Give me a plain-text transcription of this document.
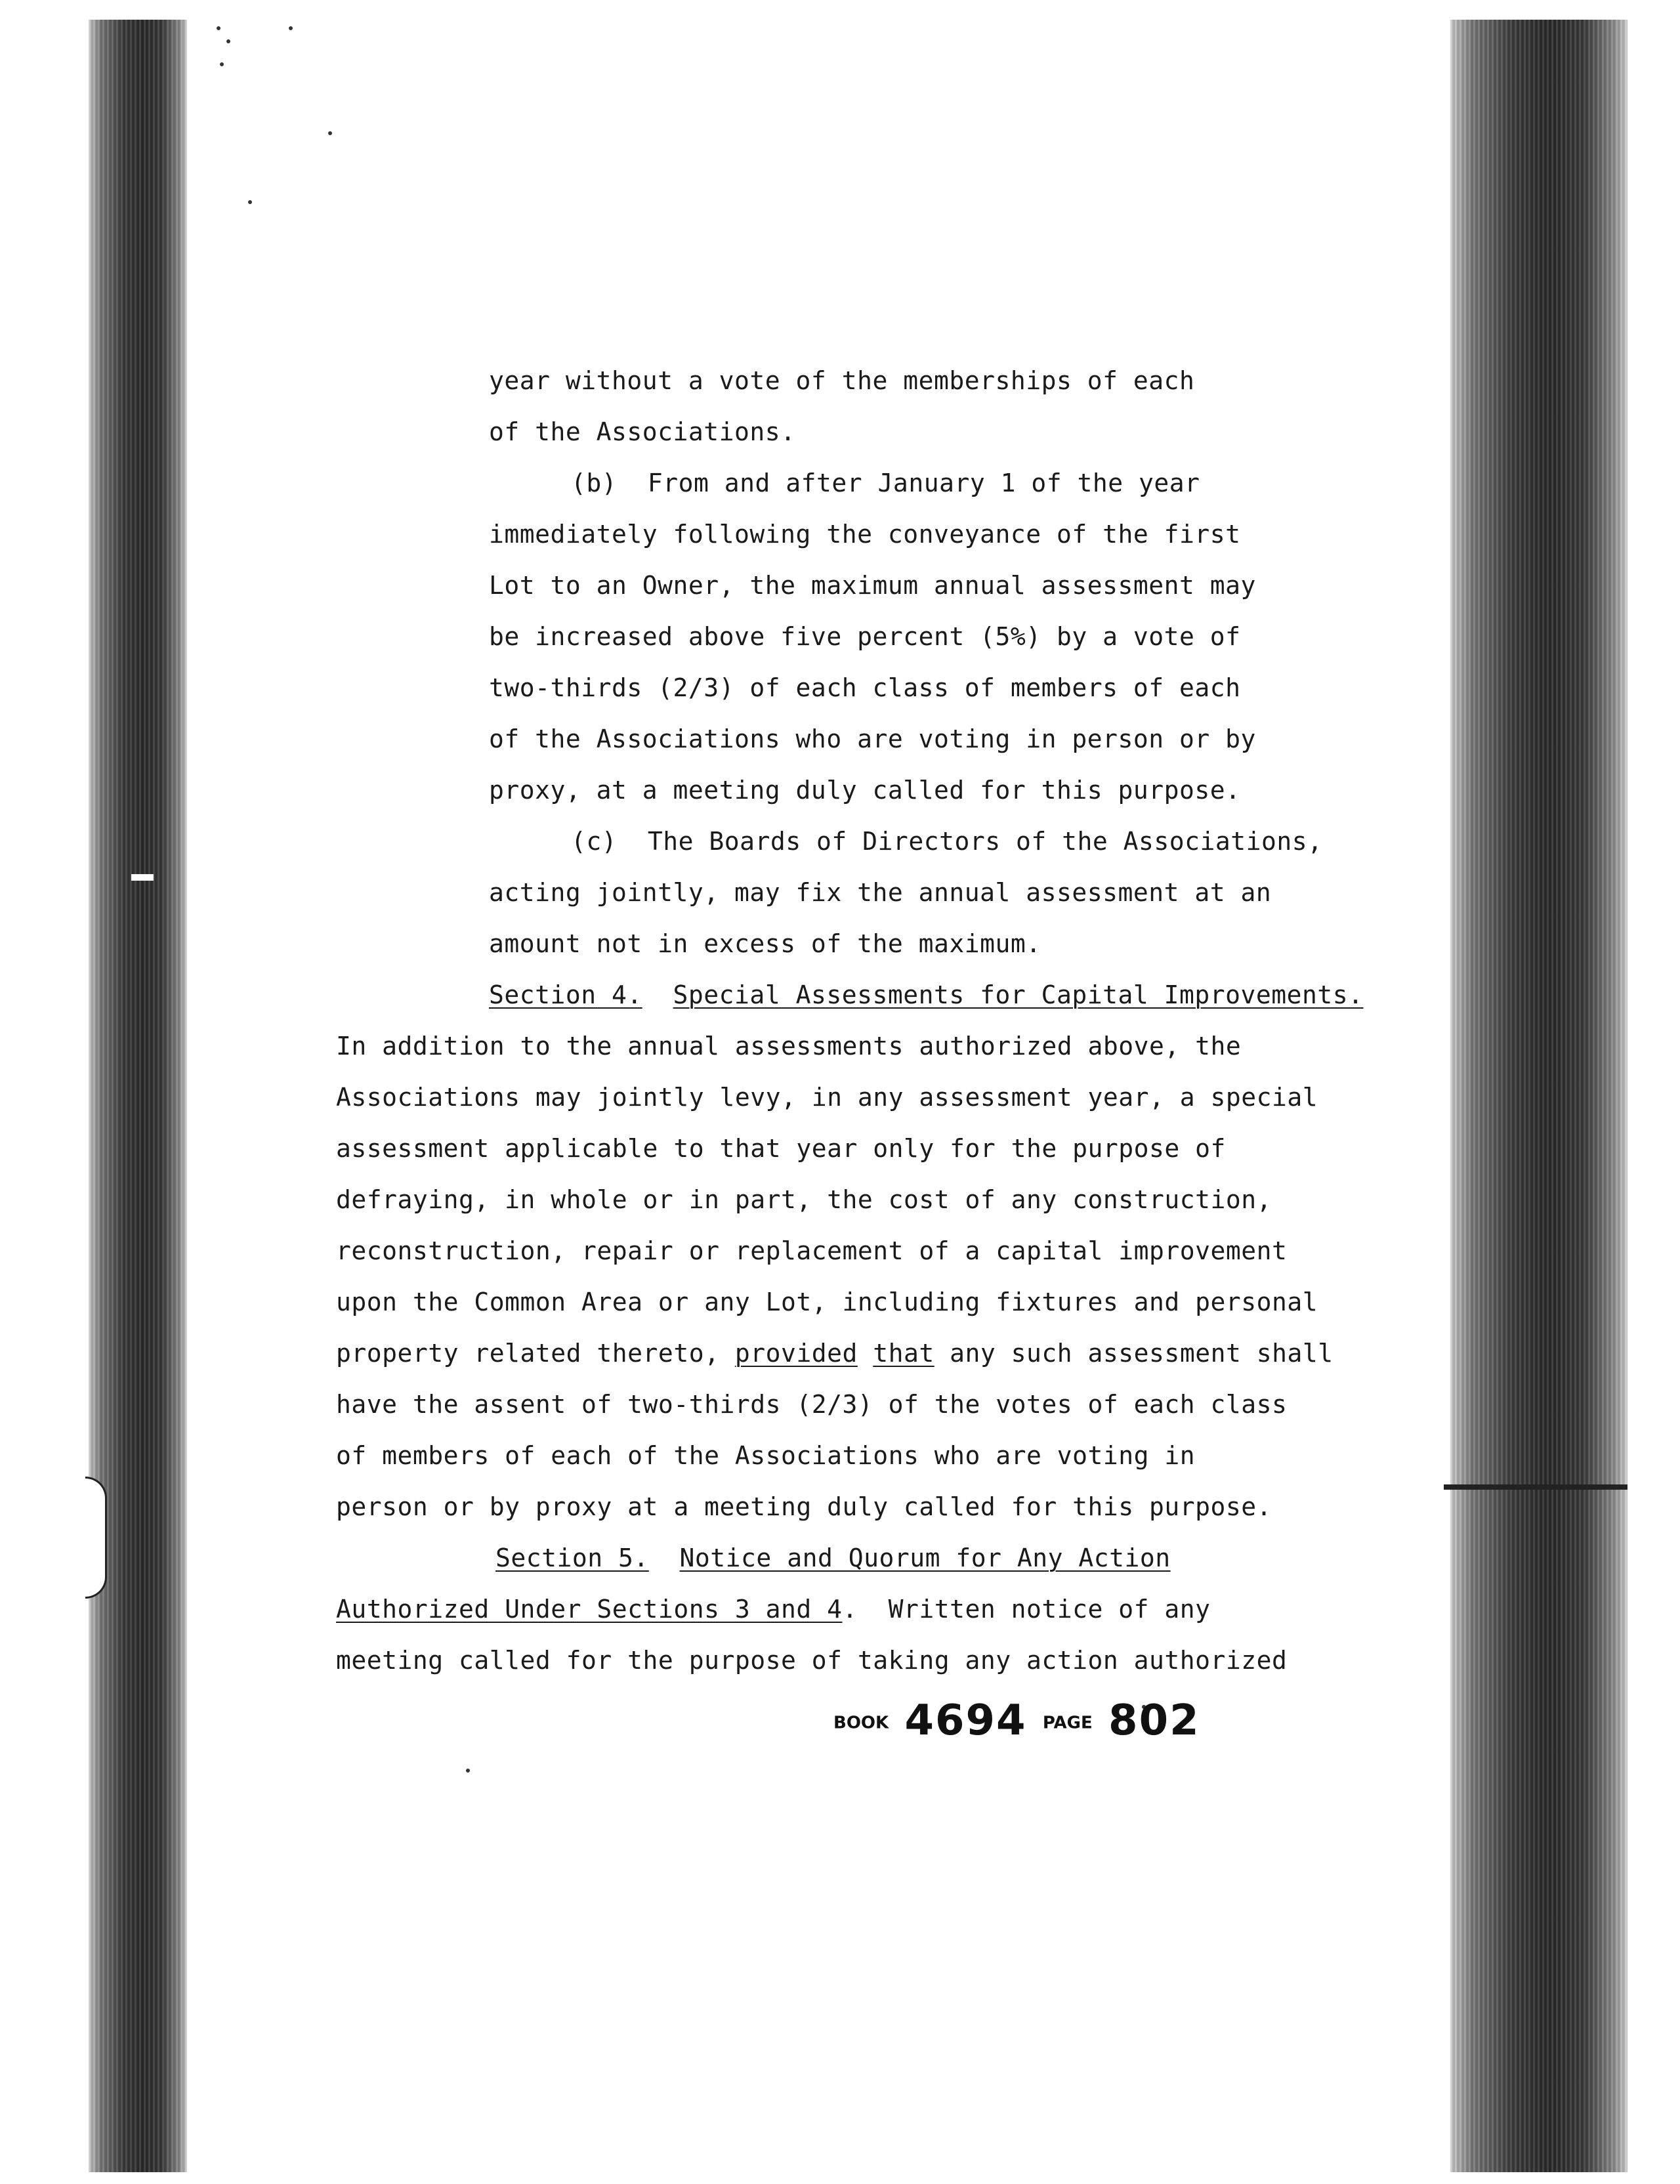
year without a vote of the memberships of each
of the Associations.
(b)  From and after January 1 of the year
immediately following the conveyance of the first
Lot to an Owner, the maximum annual assessment may
be increased above five percent (5%) by a vote of
two-thirds (2/3) of each class of members of each
of the Associations who are voting in person or by
proxy, at a meeting duly called for this purpose.
(c)  The Boards of Directors of the Associations,
acting jointly, may fix the annual assessment at an
amount not in excess of the maximum.
Section 4. Special Assessments for Capital Improvements.
In addition to the annual assessments authorized above, the
Associations may jointly levy, in any assessment year, a special
assessment applicable to that year only for the purpose of
defraying, in whole or in part, the cost of any construction,
reconstruction, repair or replacement of a capital improvement
upon the Common Area or any Lot, including fixtures and personal
property related thereto, provided that any such assessment shall
have the assent of two-thirds (2/3) of the votes of each class
of members of each of the Associations who are voting in
person or by proxy at a meeting duly called for this purpose.
Section 5. Notice and Quorum for Any Action
Authorized Under Sections 3 and 4.  Written notice of any
meeting called for the purpose of taking any action authorized
BOOK 4694 PAGE 802
